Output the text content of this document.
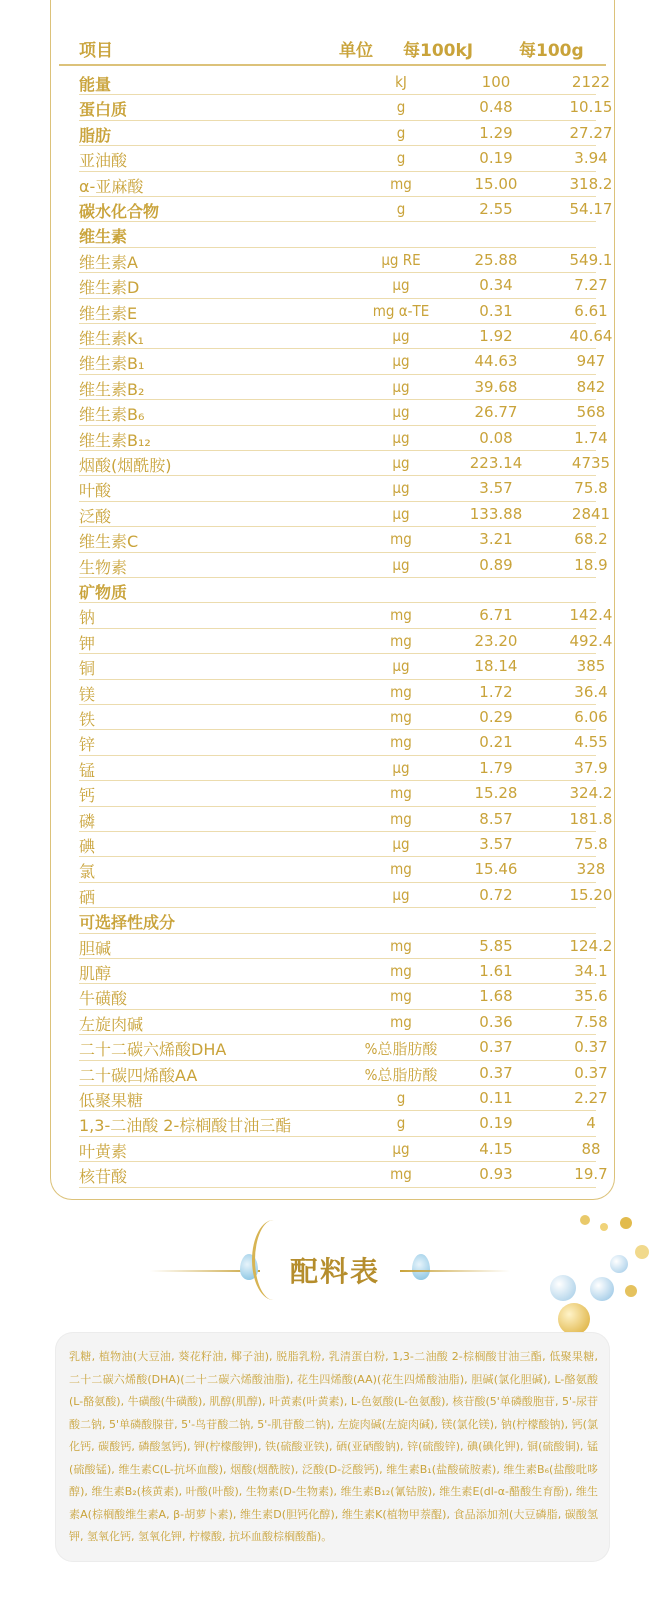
项目	单位 每100kJ	每100g
能量	kJ	100	2122
蛋白质	g	0.48	10.15
脂肪	g	1.29	27.27
亚油酸	g	0.19	3.94
α-亚麻酸	mg	15.00	318.2
碳水化合物	g	2.55	54.17
维生素
维生素A	μg RE	25.88	549.1
维生素D	μg	0.34	7.27
维生素E	mg α-TE	0.31	6.61
维生素K₁	μg	1.92	40.64
维生素B₁	μg	44.63	947
维生素B₂	μg	39.68	842
维生素B₆	μg	26.77	568
维生素B₁₂	μg	0.08	1.74
烟酸(烟酰胺)	μg	223.14	4735
叶酸	μg	3.57	75.8
泛酸	μg	133.88	2841
维生素C	mg	3.21	68.2
生物素	μg	0.89	18.9
矿物质
钠	mg	6.71	142.4
钾	mg	23.20	492.4
铜	μg	18.14	385
镁	mg	1.72	36.4
铁	mg	0.29	6.06
锌	mg	0.21	4.55
锰	μg	1.79	37.9
钙	mg	15.28	324.2
磷	mg	8.57	181.8
碘	μg	3.57	75.8
氯	mg	15.46	328
硒	μg	0.72	15.20
可选择性成分
胆碱	mg	5.85	124.2
肌醇	mg	1.61	34.1
牛磺酸	mg	1.68	35.6
左旋肉碱	mg	0.36	7.58
二十二碳六烯酸DHA	%总脂肪酸	0.37	0.37
二十碳四烯酸AA	%总脂肪酸	0.37	0.37
低聚果糖	g	0.11	2.27
1,3-二油酸 2-棕榈酸甘油三酯	g	0.19	4
叶黄素	μg	4.15	88
核苷酸	mg	0.93	19.7
配料表
乳糖, 植物油(大豆油, 葵花籽油, 椰子油), 脱脂乳粉, 乳清蛋白粉, 1,3-二油酸 2-棕榈酸甘油三酯, 低聚果糖, 二十二碳六烯酸(DHA)(二十二碳六烯酸油脂), 花生四烯酸(AA)(花生四烯酸油脂), 胆碱(氯化胆碱), L-酪氨酸(L-酪氨酸), 牛磺酸(牛磺酸), 肌醇(肌醇), 叶黄素(叶黄素), L-色氨酸(L-色氨酸), 核苷酸(5'单磷酸胞苷, 5'-尿苷酸二钠, 5'单磷酸腺苷, 5'-鸟苷酸二钠, 5'-肌苷酸二钠), 左旋肉碱(左旋肉碱), 镁(氯化镁), 钠(柠檬酸钠), 钙(氯化钙, 碳酸钙, 磷酸氢钙), 钾(柠檬酸钾), 铁(硫酸亚铁), 硒(亚硒酸钠), 锌(硫酸锌), 碘(碘化钾), 铜(硫酸铜), 锰(硫酸锰), 维生素C(L-抗坏血酸), 烟酸(烟酰胺), 泛酸(D-泛酸钙), 维生素B₁(盐酸硫胺素), 维生素B₆(盐酸吡哆醇), 维生素B₂(核黄素), 叶酸(叶酸), 生物素(D-生物素), 维生素B₁₂(氰钴胺), 维生素E(dl-α-醋酸生育酚), 维生素A(棕榈酸维生素A, β-胡萝卜素), 维生素D(胆钙化醇), 维生素K(植物甲萘醌), 食品添加剂(大豆磷脂, 碳酸氢钾, 氢氧化钙, 氢氧化钾, 柠檬酸, 抗坏血酸棕榈酸酯)。
